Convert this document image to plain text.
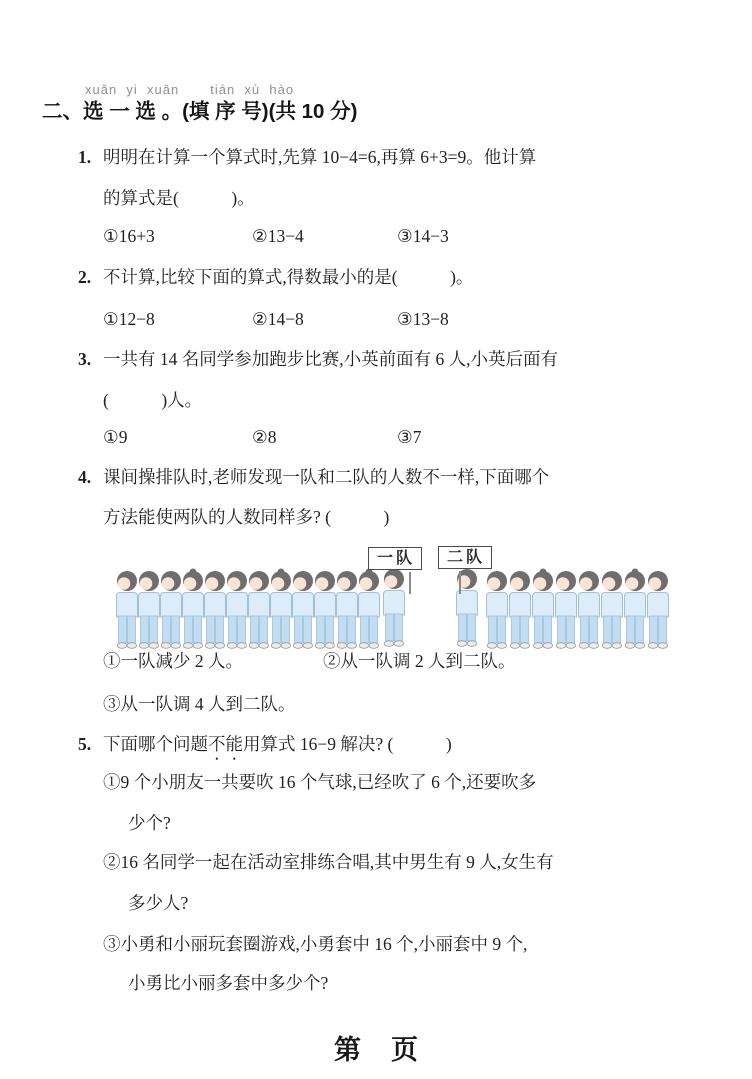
xuǎn  yi  xuǎn tián  xù  hào
二、选 一 选 。(填 序 号)(共 10 分)
1. 明明在计算一个算式时,先算 10−4=6,再算 6+3=9。他计算
的算式是(            )。
①16+3	②13−4	③14−3
2. 不计算,比较下面的算式,得数最小的是(            )。
①12−8	②14−8	③13−8
3. 一共有 14 名同学参加跑步比赛,小英前面有 6 人,小英后面有
(            )人。
①9	②8	③7
4. 课间操排队时,老师发现一队和二队的人数不一样,下面哪个
方法能使两队的人数同样多? (            )
一队	二队
①一队减少 2 人。	②从一队调 2 人到二队。
③从一队调 4 人到二队。
5. 下面哪个问题不能用算式 16−9 解决? (            )
①9 个小朋友一共要吹 16 个气球,已经吹了 6 个,还要吹多
少个?
②16 名同学一起在活动室排练合唱,其中男生有 9 人,女生有
多少人?
③小勇和小丽玩套圈游戏,小勇套中 16 个,小丽套中 9 个,
小勇比小丽多套中多少个?
第 页
